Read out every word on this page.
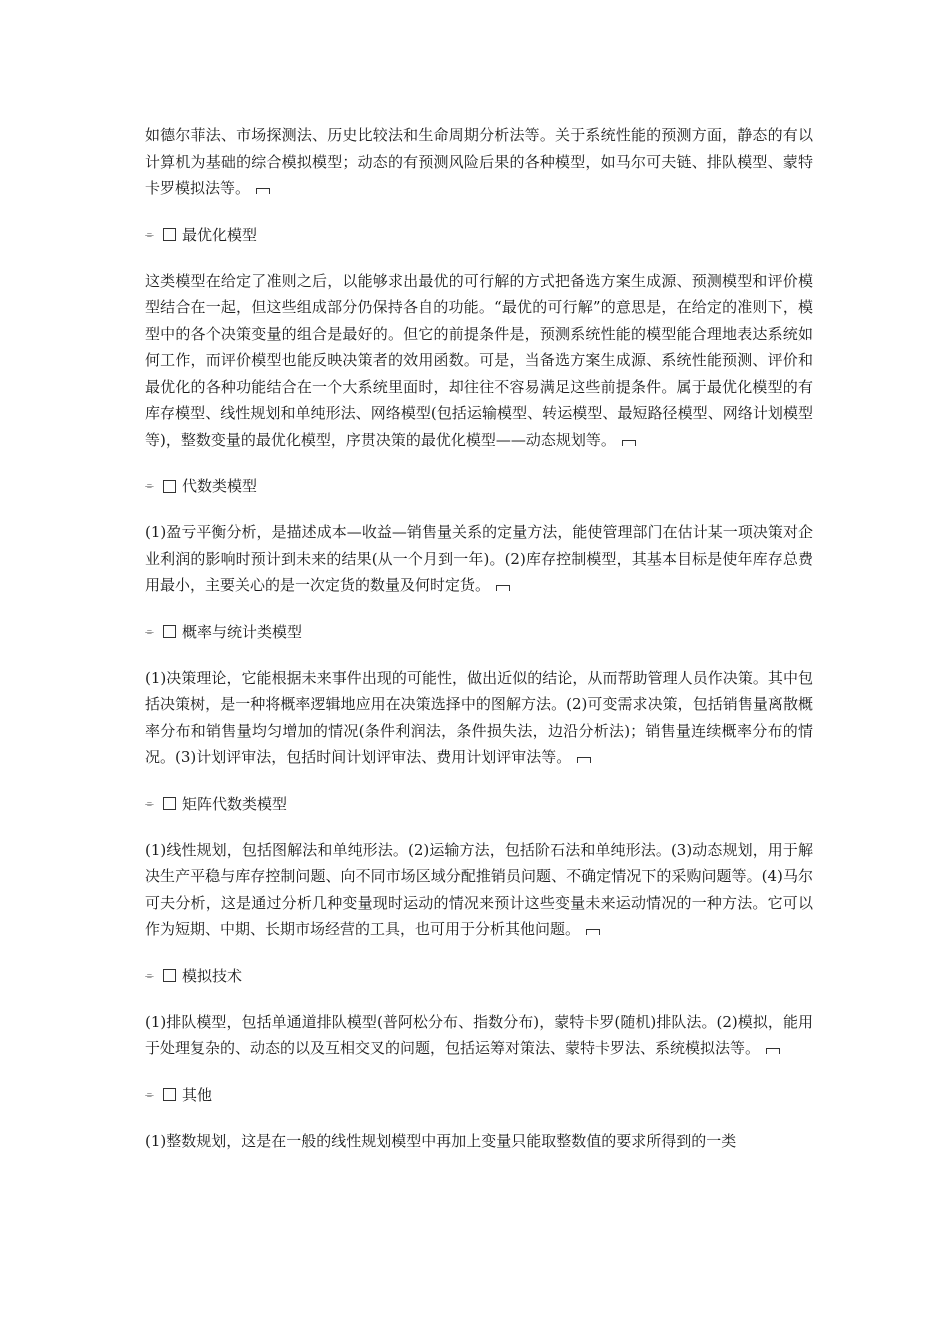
如德尔菲法、市场探测法、历史比较法和生命周期分析法等。关于系统性能的预测方面，静态的有以计算机为基础的综合模拟模型；动态的有预测风险后果的各种模型，如马尔可夫链、排队模型、蒙特卡罗模拟法等。

⌯	最优化模型

这类模型在给定了准则之后，以能够求出最优的可行解的方式把备选方案生成源、预测模型和评价模型结合在一起，但这些组成部分仍保持各自的功能。“最优的可行解”的意思是，在给定的准则下，模型中的各个决策变量的组合是最好的。但它的前提条件是，预测系统性能的模型能合理地表达系统如何工作，而评价模型也能反映决策者的效用函数。可是，当备选方案生成源、系统性能预测、评价和最优化的各种功能结合在一个大系统里面时，却往往不容易满足这些前提条件。属于最优化模型的有库存模型、线性规划和单纯形法、网络模型(包括运输模型、转运模型、最短路径模型、网络计划模型等)，整数变量的最优化模型，序贯决策的最优化模型——动态规划等。

⌯	代数类模型

(1)盈亏平衡分析，是描述成本—收益—销售量关系的定量方法，能使管理部门在估计某一项决策对企业利润的影响时预计到未来的结果(从一个月到一年)。(2)库存控制模型，其基本目标是使年库存总费用最小，主要关心的是一次定货的数量及何时定货。

⌯	概率与统计类模型

(1)决策理论，它能根据未来事件出现的可能性，做出近似的结论，从而帮助管理人员作决策。其中包括决策树，是一种将概率逻辑地应用在决策选择中的图解方法。(2)可变需求决策，包括销售量离散概率分布和销售量均匀增加的情况(条件利润法，条件损失法，边沿分析法)；销售量连续概率分布的情况。(3)计划评审法，包括时间计划评审法、费用计划评审法等。

⌯	矩阵代数类模型

(1)线性规划，包括图解法和单纯形法。(2)运输方法，包括阶石法和单纯形法。(3)动态规划，用于解决生产平稳与库存控制问题、向不同市场区域分配推销员问题、不确定情况下的采购问题等。(4)马尔可夫分析，这是通过分析几种变量现时运动的情况来预计这些变量未来运动情况的一种方法。它可以作为短期、中期、长期市场经营的工具，也可用于分析其他问题。

⌯	模拟技术

(1)排队模型，包括单通道排队模型(普阿松分布、指数分布)，蒙特卡罗(随机)排队法。(2)模拟，能用于处理复杂的、动态的以及互相交叉的问题，包括运筹对策法、蒙特卡罗法、系统模拟法等。

⌯	其他

(1)整数规划，这是在一般的线性规划模型中再加上变量只能取整数值的要求所得到的一类
